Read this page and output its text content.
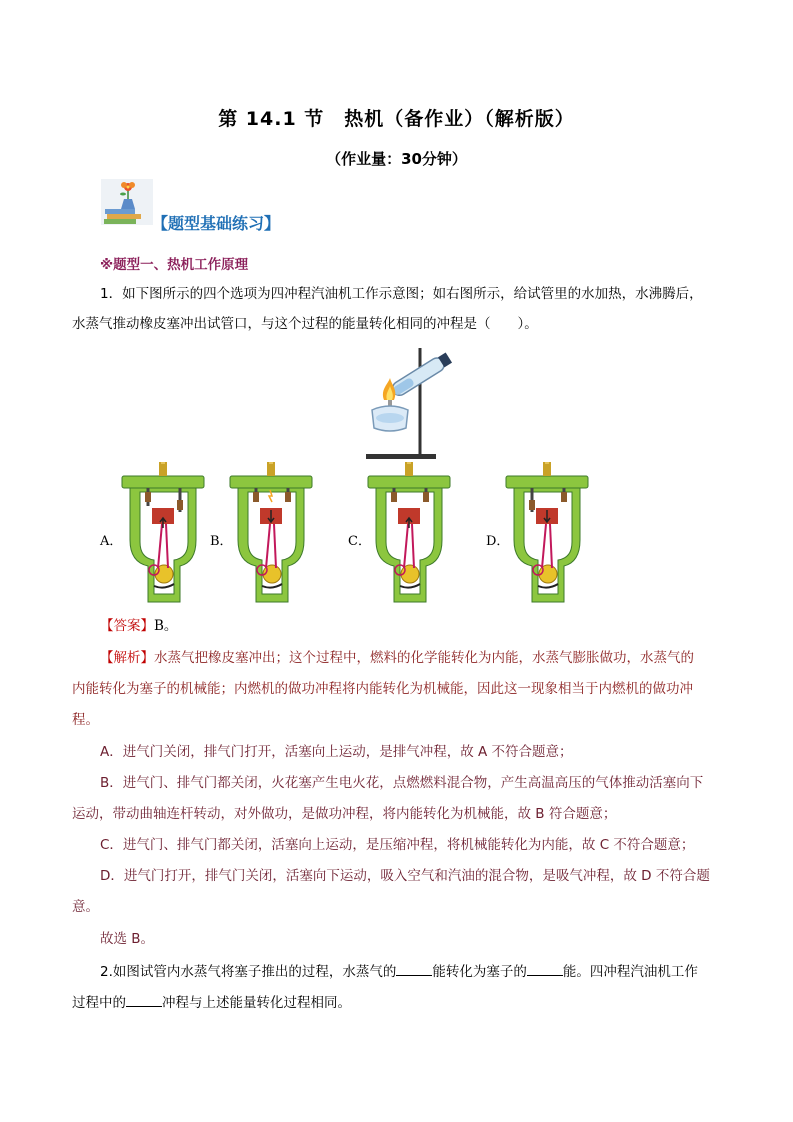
第 14.1 节　热机（备作业）（解析版）
（作业量：30分钟）
【题型基础练习】
※题型一、热机工作原理
1．如下图所示的四个选项为四冲程汽油机工作示意图；如右图所示，给试管里的水加热，水沸腾后，
水蒸气推动橡皮塞冲出试管口，与这个过程的能量转化相同的冲程是（　　）。
A．	B．	C．	D．
【答案】B。
【解析】水蒸气把橡皮塞冲出；这个过程中，燃料的化学能转化为内能，水蒸气膨胀做功，水蒸气的
内能转化为塞子的机械能；内燃机的做功冲程将内能转化为机械能，因此这一现象相当于内燃机的做功冲
程。
A．进气门关闭，排气门打开，活塞向上运动，是排气冲程，故 A 不符合题意；
B．进气门、排气门都关闭，火花塞产生电火花，点燃燃料混合物，产生高温高压的气体推动活塞向下
运动，带动曲轴连杆转动，对外做功，是做功冲程，将内能转化为机械能，故 B 符合题意；
C．进气门、排气门都关闭，活塞向上运动，是压缩冲程，将机械能转化为内能，故 C 不符合题意；
D．进气门打开，排气门关闭，活塞向下运动，吸入空气和汽油的混合物，是吸气冲程，故 D 不符合题
意。
故选 B。
2.如图试管内水蒸气将塞子推出的过程，水蒸气的	能转化为塞子的	能。四冲程汽油机工作
过程中的	冲程与上述能量转化过程相同。
